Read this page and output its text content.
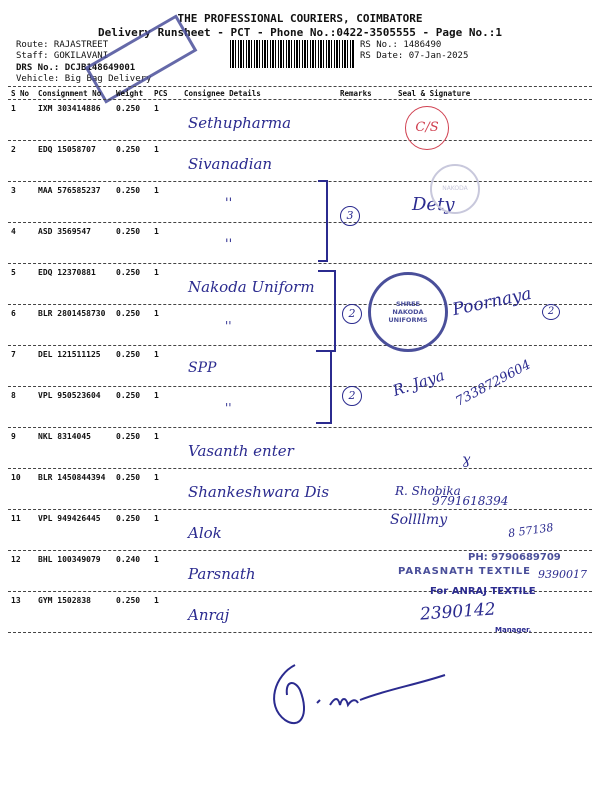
THE PROFESSIONAL COURIERS, COIMBATORE
Delivery Runsheet - PCT - Phone No.:0422-3505555 - Page No.:1
Route: RAJASTREET
Staff: GOKILAVANI
DRS No.: DCJB148649001
Vehicle: Big Bag Delivery
RS No.: 1486490
RS Date: 07-Jan-2025
S No Consignment No Weight PCS Consignee Details	Remarks	Seal & Signature
1	IXM 303414886 0.250 1
Sethupharma
2	EDQ 15058707	0.250 1
Sivanadian
3	MAA 576585237 0.250 1
''
4	ASD 3569547	0.250 1
''
5	EDQ 12370881	0.250 1
Nakoda Uniform
6	BLR 2801458730 0.250 1
''
7	DEL 121511125 0.250 1
SPP
8	VPL 950523604 0.250 1
''
9	NKL 8314045	0.250 1
Vasanth enter
10 BLR 1450844394 0.250 1
Shankeshwara Dis
11 VPL 949426445 0.250 1
Alok
12 BHL 100349079 0.240 1
Parsnath
13 GYM 1502838	0.250 1
Anraj
3
2
2
C/S
Dety
SHREE NAKODA UNIFORMS
NAKODA
Poornaya	2
R. Jaya 7338729604
ɣ
R. Shobika
9791618394
Sollllmy
8 57138
PH: 9790689709
PARASNATH TEXTILE 9390017
For ANRAJ TEXTILE
2390142
Manager.
